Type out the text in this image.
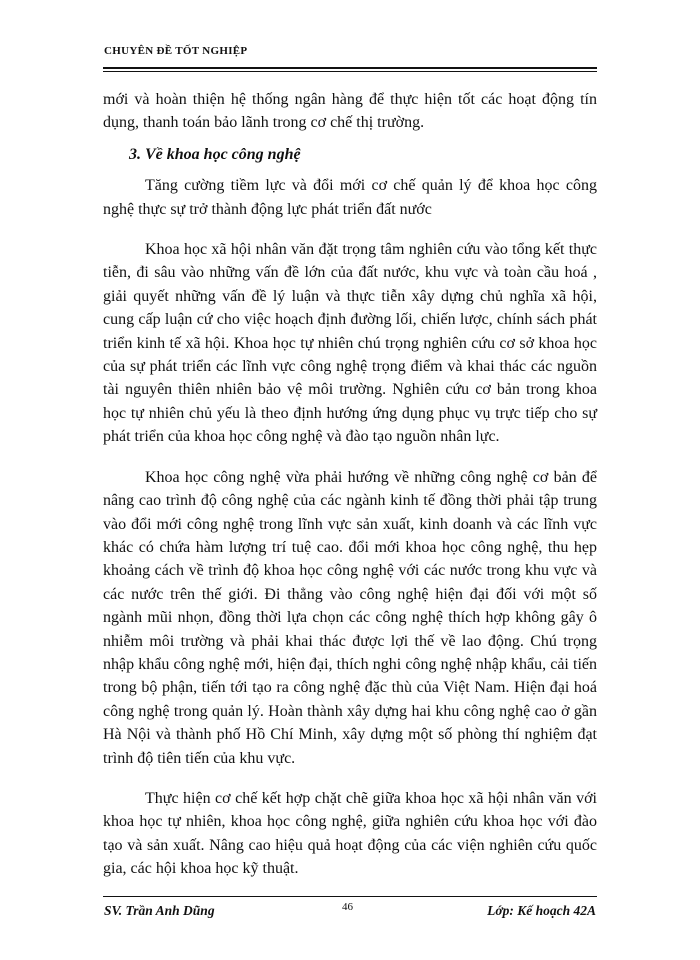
CHUYÊN ĐỀ TỐT NGHIỆP

mới và hoàn thiện hệ thống ngân hàng để thực hiện tốt các hoạt động tín dụng, thanh toán bảo lãnh trong cơ chế thị trường.

3. Về khoa học công nghệ

Tăng cường tiềm lực và đổi mới cơ chế quản lý để khoa học công nghệ thực sự trở thành động lực phát triển đất nước

Khoa học xã hội nhân văn đặt trọng tâm nghiên cứu vào tổng kết thực tiễn, đi sâu vào những vấn đề lớn của đất nước, khu vực và toàn cầu hoá , giải quyết những vấn đề lý luận và thực tiễn xây dựng chủ nghĩa xã hội, cung cấp luận cứ cho việc hoạch định đường lối, chiến lược, chính sách phát triển kinh tế xã hội. Khoa học tự nhiên chú trọng nghiên cứu cơ sở khoa học của sự phát triển các lĩnh vực công nghệ trọng điểm và khai thác các nguồn tài nguyên thiên nhiên bảo vệ môi trường. Nghiên cứu cơ bản trong khoa học tự nhiên chủ yếu là theo định hướng ứng dụng phục vụ trực tiếp cho sự phát triển của khoa học công nghệ và đào tạo nguồn nhân lực.

Khoa học công nghệ vừa phải hướng về những công nghệ cơ bản để nâng cao trình độ công nghệ của các ngành kinh tế đồng thời phải tập trung vào đổi mới công nghệ trong lĩnh vực sản xuất, kinh doanh và các lĩnh vực khác có chứa hàm lượng trí tuệ cao. đổi mới khoa học công nghệ, thu hẹp khoảng cách về trình độ khoa học công nghệ với các nước trong khu vực và các nước trên thế giới. Đi thẳng vào công nghệ hiện đại đối với một số ngành mũi nhọn, đồng thời lựa chọn các công nghệ thích hợp không gây ô nhiễm môi trường và phải khai thác được lợi thế về lao động. Chú trọng nhập khẩu công nghệ mới, hiện đại, thích nghi công nghệ nhập khẩu, cải tiến trong bộ phận, tiến tới tạo ra công nghệ đặc thù của Việt Nam. Hiện đại hoá công nghệ trong quản lý. Hoàn thành xây dựng hai khu công nghệ cao ở gần Hà Nội và thành phố Hồ Chí Minh, xây dựng một số phòng thí nghiệm đạt trình độ tiên tiến của khu vực.

Thực hiện cơ chế kết hợp chặt chẽ giữa khoa học xã hội nhân văn với khoa học tự nhiên, khoa học công nghệ, giữa nghiên cứu khoa học với đào tạo và sản xuất. Nâng cao hiệu quả hoạt động của các viện nghiên cứu quốc gia, các hội khoa học kỹ thuật.

SV. Trần Anh Dũng	46	Lớp: Kế hoạch 42A
